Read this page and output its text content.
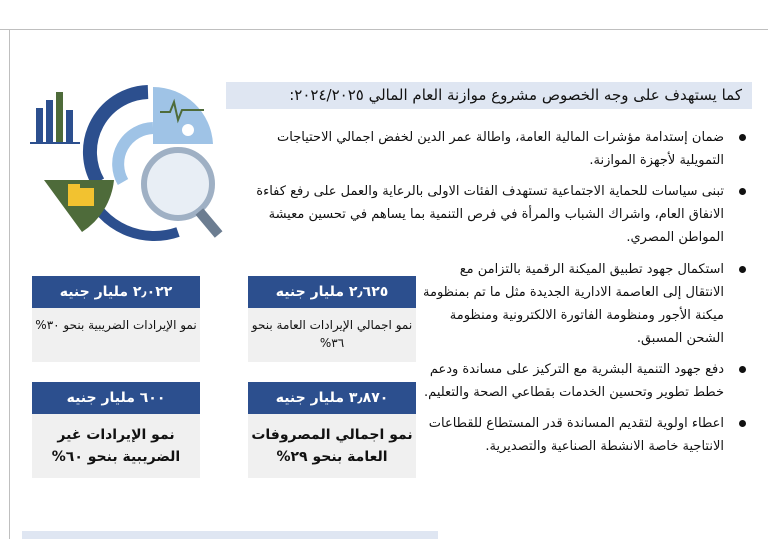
كما يستهدف على وجه الخصوص مشروع موازنة العام المالي ٢٠٢٤/٢٠٢٥:
ضمان إستدامة مؤشرات المالية العامة، واطالة عمر الدين لخفض اجمالي الاحتياجات التمويلية لأجهزة الموازنة.
تبنى سياسات للحماية الاجتماعية تستهدف الفئات الاولى بالرعاية والعمل على رفع كفاءة الانفاق العام، واشراك الشباب والمرأة في فرص التنمية بما يساهم في تحسين معيشة المواطن المصري.
استكمال جهود تطبيق الميكنة الرقمية بالتزامن مع الانتقال إلى العاصمة الادارية الجديدة مثل ما تم بمنظومة ميكنة الأجور ومنظومة الفاتورة الالكترونية ومنظومة الشحن المسبق.
دفع جهود التنمية البشرية مع التركيز على مساندة ودعم خطط تطوير وتحسين الخدمات بقطاعي الصحة والتعليم.
اعطاء اولوية لتقديم المساندة قدر المستطاع للقطاعات الانتاجية خاصة الانشطة الصناعية والتصديرية.
٢٫٦٢٥ مليار جنيه
نمو اجمالي الإيرادات العامة بنحو ٣٦%
٢٫٠٢٢ مليار جنيه
نمو الإيرادات الضريبية بنحو ٣٠%
٣٫٨٧٠ مليار جنيه
نمو اجمالي المصروفات العامة بنحو ٢٩%
٦٠٠ مليار جنيه
نمو الإيرادات غير الضريبية بنحو ٦٠%
